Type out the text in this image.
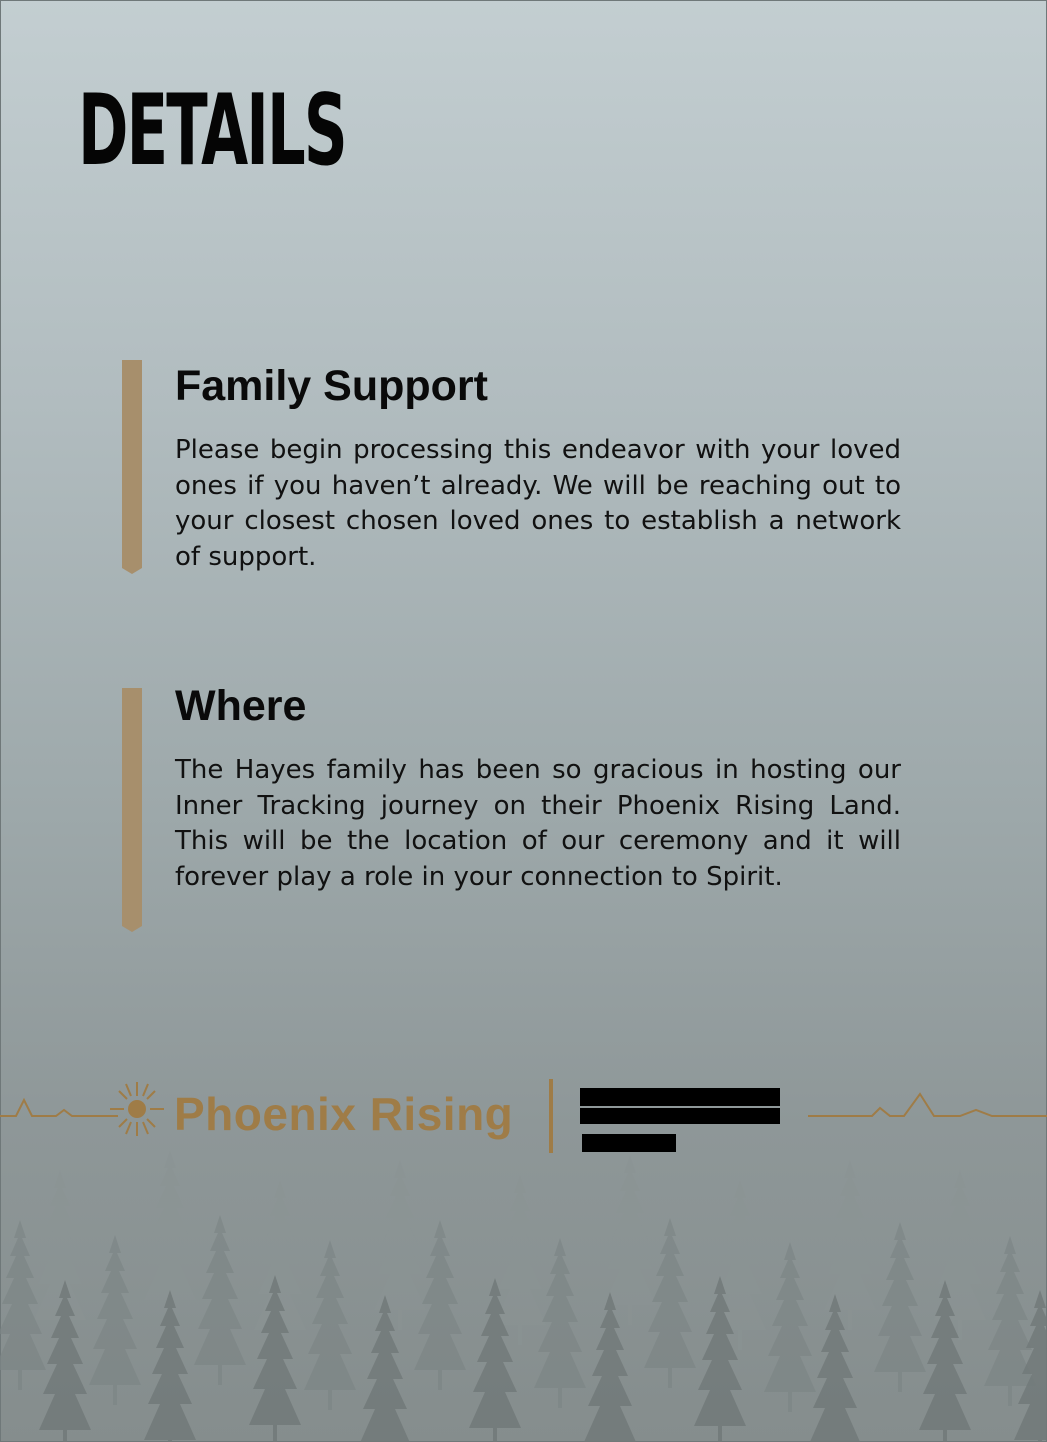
DETAILS
Family Support

Please begin processing this endeavor with your loved ones if you haven’t already. We will be reaching out to your closest chosen loved ones to establish a network of support.

Where

The Hayes family has been so gracious in hosting our Inner Tracking journey on their Phoenix Rising Land. This will be the location of our ceremony and it will forever play a role in your connection to Spirit.

Phoenix Rising
